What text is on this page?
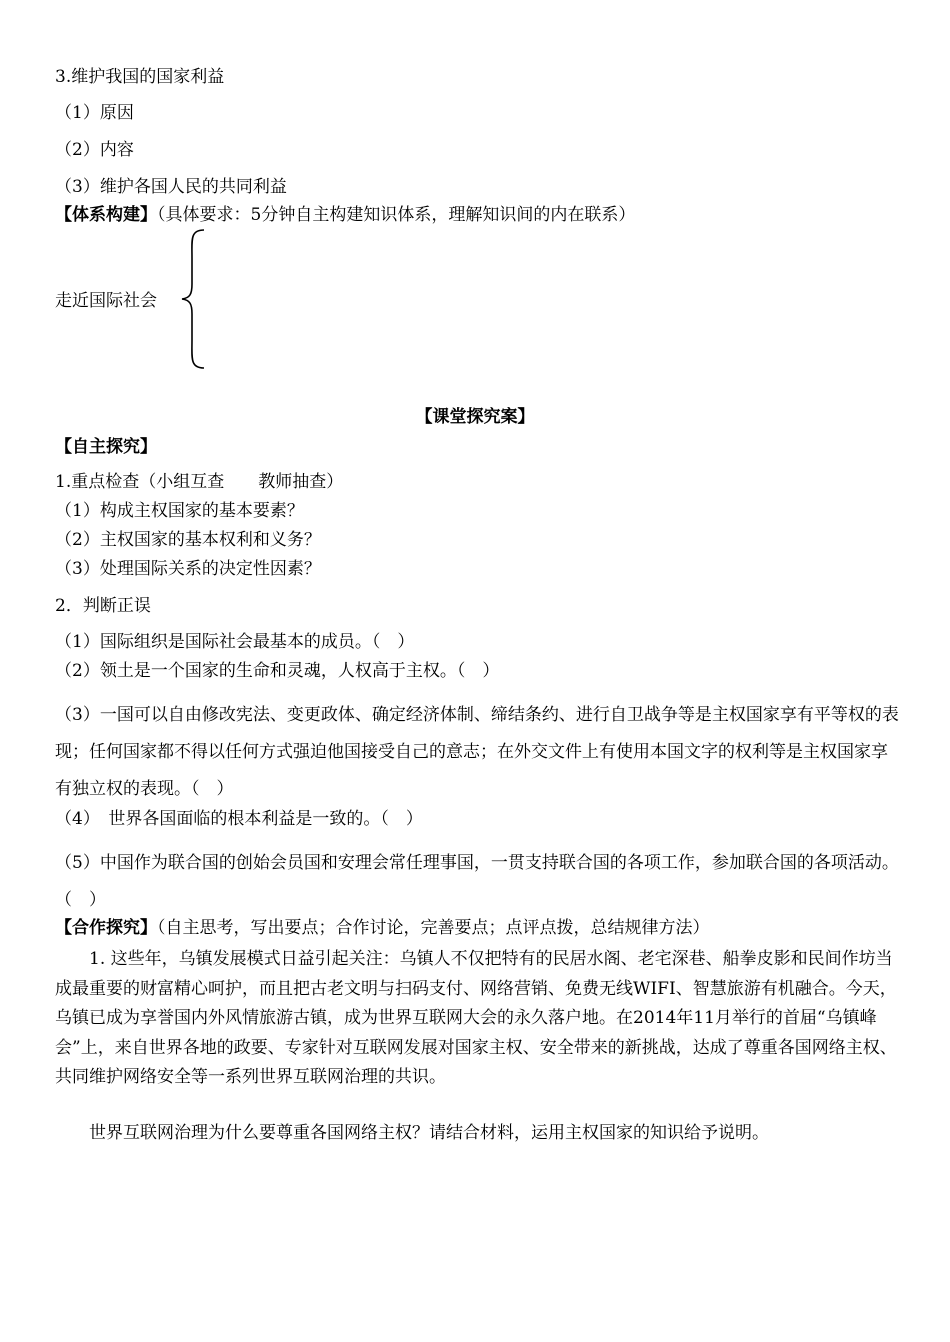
3.维护我国的国家利益
（1）原因
（2）内容
（3）维护各国人民的共同利益
【体系构建】（具体要求：5分钟自主构建知识体系，理解知识间的内在联系）
走近国际社会
【课堂探究案】
【自主探究】
1.重点检查（小组互查　　教师抽查）
（1）构成主权国家的基本要素？
（2）主权国家的基本权利和义务？
（3）处理国际关系的决定性因素？
2．判断正误
（1）国际组织是国际社会最基本的成员。（　）
（2）领土是一个国家的生命和灵魂，人权高于主权。（　）
（3）一国可以自由修改宪法、变更政体、确定经济体制、缔结条约、进行自卫战争等是主权国家享有平等权的表现；任何国家都不得以任何方式强迫他国接受自己的意志；在外交文件上有使用本国文字的权利等是主权国家享有独立权的表现。（　）
（4）　世界各国面临的根本利益是一致的。（　）
（5）中国作为联合国的创始会员国和安理会常任理事国，一贯支持联合国的各项工作，参加联合国的各项活动。（　）
【合作探究】（自主思考，写出要点；合作讨论，完善要点；点评点拨，总结规律方法）
　　1. 这些年，乌镇发展模式日益引起关注：乌镇人不仅把特有的民居水阁、老宅深巷、船拳皮影和民间作坊当成最重要的财富精心呵护，而且把古老文明与扫码支付、网络营销、免费无线WIFI、智慧旅游有机融合。今天，乌镇已成为享誉国内外风情旅游古镇，成为世界互联网大会的永久落户地。在2014年11月举行的首届“乌镇峰会”上，来自世界各地的政要、专家针对互联网发展对国家主权、安全带来的新挑战，达成了尊重各国网络主权、共同维护网络安全等一系列世界互联网治理的共识。
　　世界互联网治理为什么要尊重各国网络主权？请结合材料，运用主权国家的知识给予说明。
